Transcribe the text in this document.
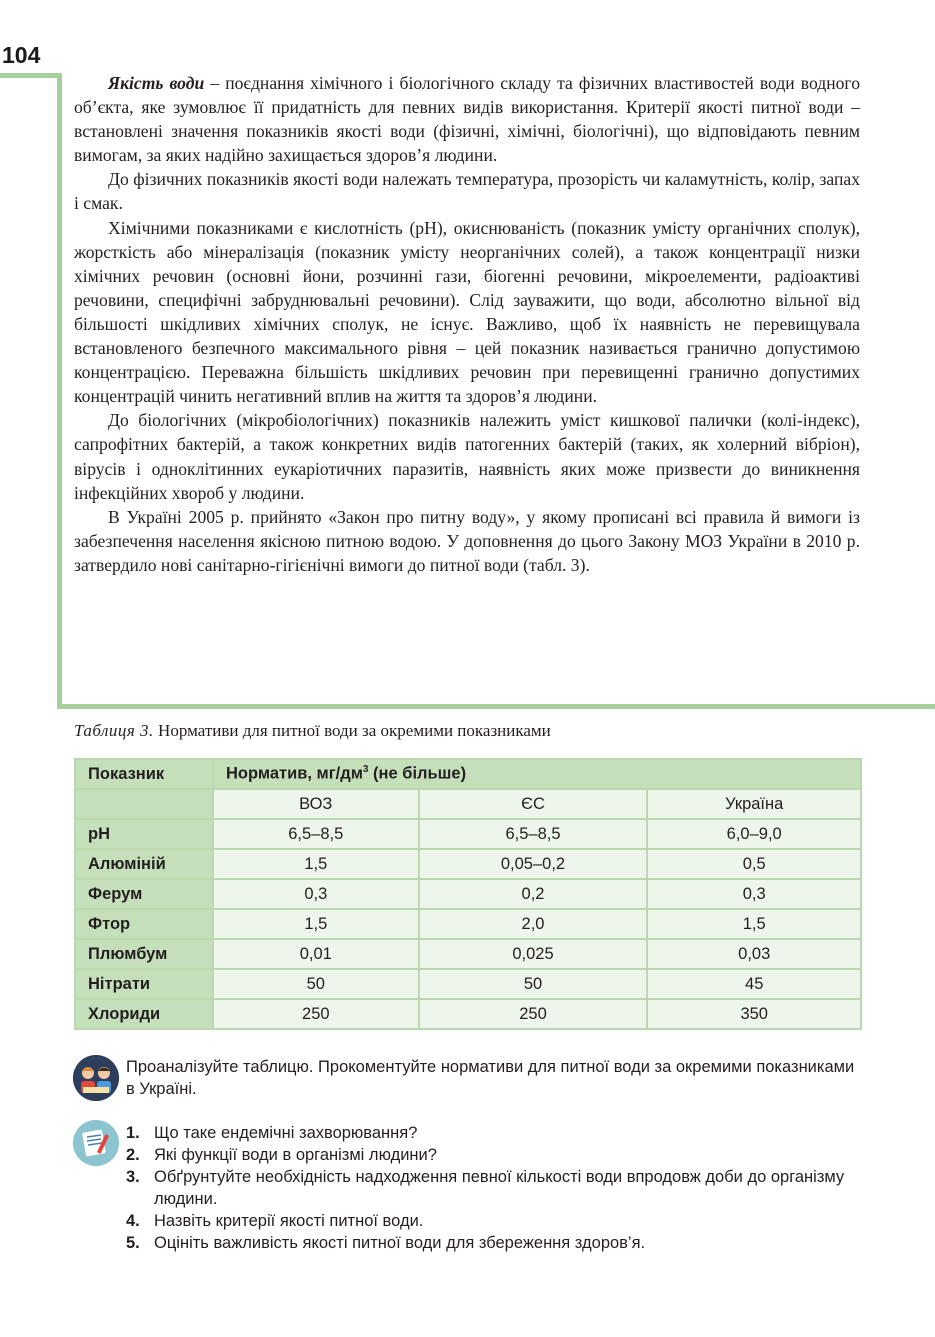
104

Якість води – поєднання хімічного і біологічного складу та фізичних властивостей води водного об’єкта, яке зумовлює її придатність для певних видів використання. Критерії якості питної води – встановлені значення показників якості води (фізичні, хімічні, біологічні), що відповідають певним вимогам, за яких надійно захищається здоров’я людини.

До фізичних показників якості води належать температура, прозорість чи каламутність, колір, запах і смак.

Хімічними показниками є кислотність (рН), окиснюваність (показник умісту органічних сполук), жорсткість або мінералізація (показник умісту неорганічних солей), а також концентрації низки хімічних речовин (основні йони, розчинні гази, біогенні речовини, мікроелементи, радіоактиві речовини, специфічні забруднювальні речовини). Слід зауважити, що води, абсолютно вільної від більшості шкідливих хімічних сполук, не існує. Важливо, щоб їх наявність не перевищувала встановленого безпечного максимального рівня – цей показник називається гранично допустимою концентрацією. Переважна більшість шкідливих речовин при перевищенні гранично допустимих концентрацій чинить негативний вплив на життя та здоров’я людини.

До біологічних (мікробіологічних) показників належить уміст кишкової палички (колі-індекс), сапрофітних бактерій, а також конкретних видів патогенних бактерій (таких, як холерний вібріон), вірусів і одноклітинних еукаріотичних паразитів, наявність яких може призвести до виникнення інфекційних хвороб у людини.

В Україні 2005 р. прийнято «Закон про питну воду», у якому прописані всі правила й вимоги із забезпечення населення якісною питною водою. У доповнення до цього Закону МОЗ України в 2010 р. затвердило нові санітарно-гігієнічні вимоги до питної води (табл. 3).

Таблиця 3. Нормативи для питної води за окремими показниками
Показник	Норматив, $мг/дм^3$ (не більше)		
	ВОЗ	ЄС	Україна
рН	6,5–8,5	6,5–8,5	6,0–9,0
Алюміній	1,5	0,05–0,2	0,5
Ферум	0,3	0,2	0,3
Фтор	1,5	2,0	1,5
Плюмбум	0,01	0,025	0,03
Нітрати	50	50	45
Хлориди	250	250	350
Проаналізуйте таблицю. Прокоментуйте нормативи для питної води за окремими показниками в Україні.
1. Що таке ендемічні захворювання?
2. Які функції води в організмі людини?
3. Обґрунтуйте необхідність надходження певної кількості води впродовж доби до організму людини.
4. Назвіть критерії якості питної води.
5. Оцініть важливість якості питної води для збереження здоров’я.
